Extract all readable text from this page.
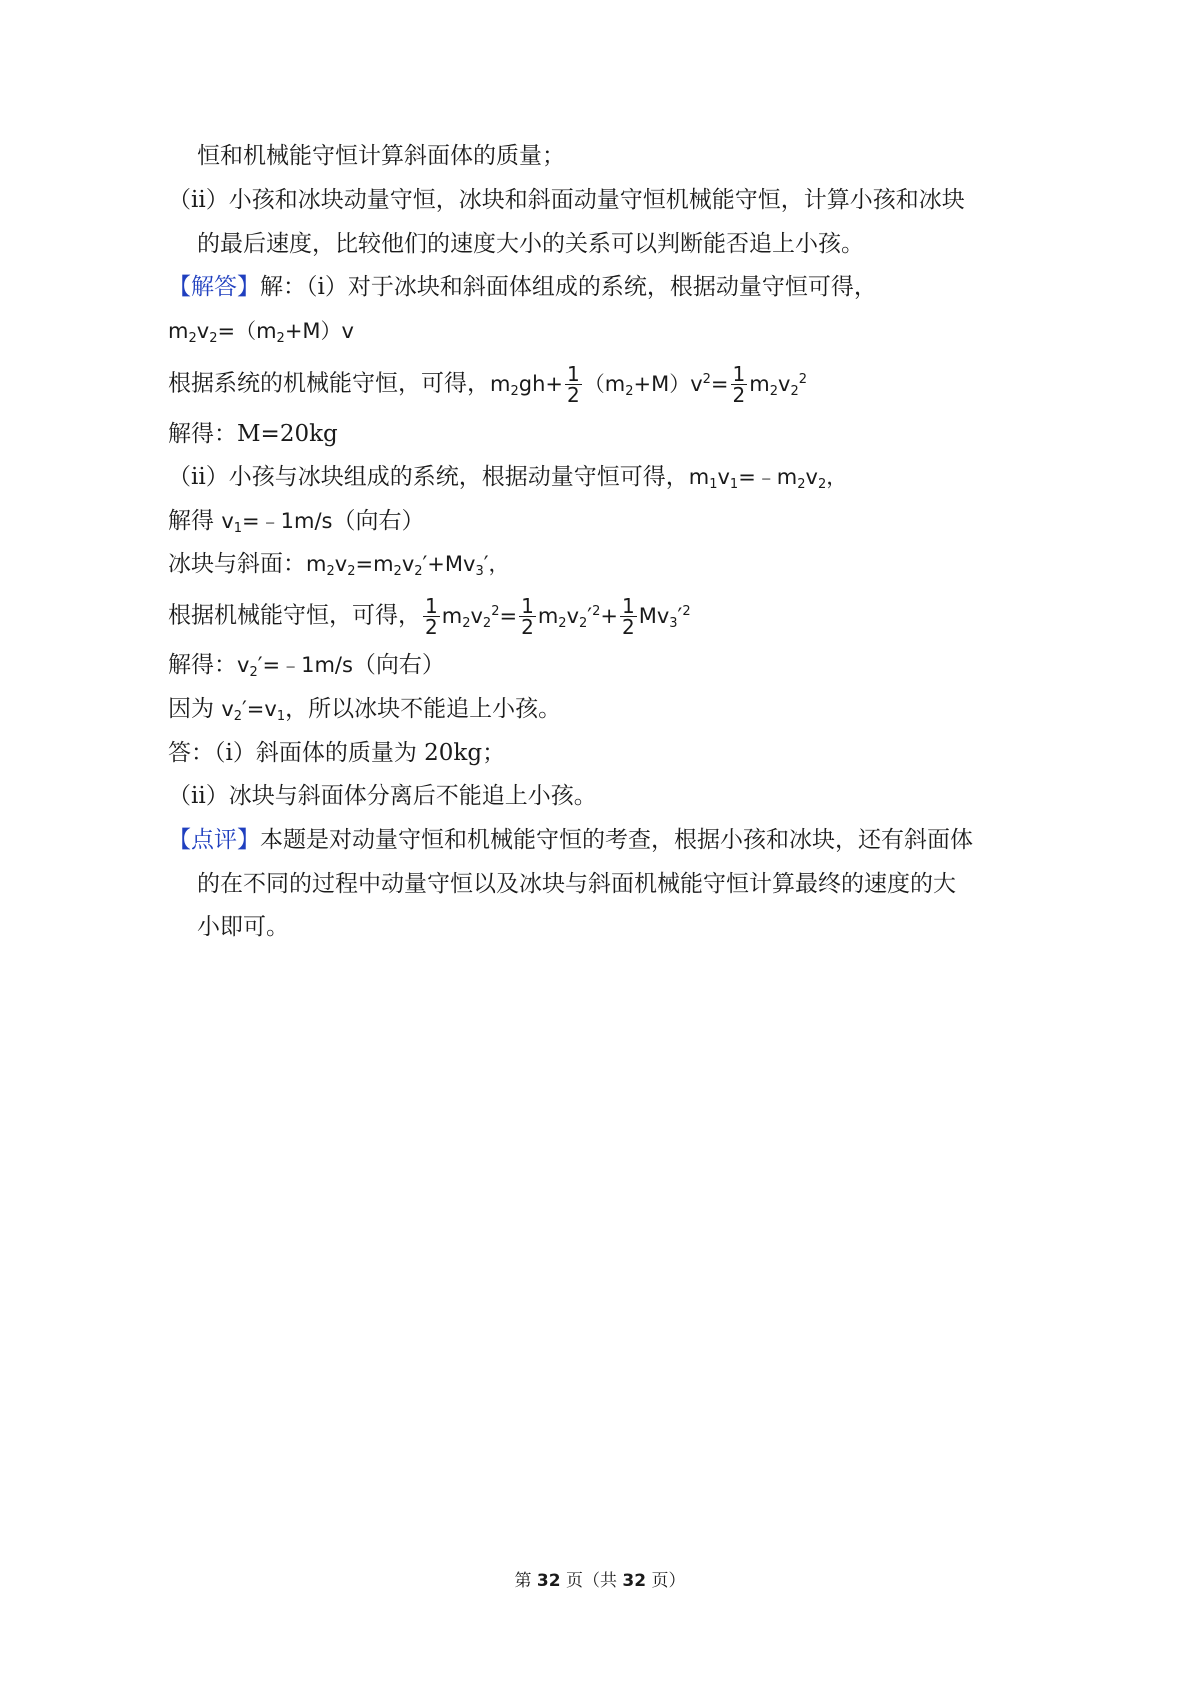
恒和机械能守恒计算斜面体的质量；
（ii）小孩和冰块动量守恒，冰块和斜面动量守恒机械能守恒，计算小孩和冰块
的最后速度，比较他们的速度大小的关系可以判断能否追上小孩。
【解答】解：（i）对于冰块和斜面体组成的系统，根据动量守恒可得，
$m_2v_2=(m_2+M)v$
根据系统的机械能守恒，可得，$m_2gh+ \frac{1}{2} (m_2+M)v^2= \frac{1}{2} m_2v_2^2$
解得：M=20kg
（ii）小孩与冰块组成的系统，根据动量守恒可得，$m_1v_1=﹣m_2v_2$，
解得 $v_1=﹣1m/s$（向右）
冰块与斜面：$m_2v_2=m_2v_2'+Mv_3'$，
根据机械能守恒，可得， $\frac{1}{2} m_2v_2^2= \frac{1}{2} m_2v_2'^2+ \frac{1}{2} Mv_3'^2$
解得：$v_2'=﹣1m/s$（向右）
因为 $v_2'=v_1$，所以冰块不能追上小孩。
答：（i）斜面体的质量为 20kg；
（ii）冰块与斜面体分离后不能追上小孩。
【点评】本题是对动量守恒和机械能守恒的考查，根据小孩和冰块，还有斜面体
的在不同的过程中动量守恒以及冰块与斜面机械能守恒计算最终的速度的大
小即可。
第 32 页（共 32 页）
